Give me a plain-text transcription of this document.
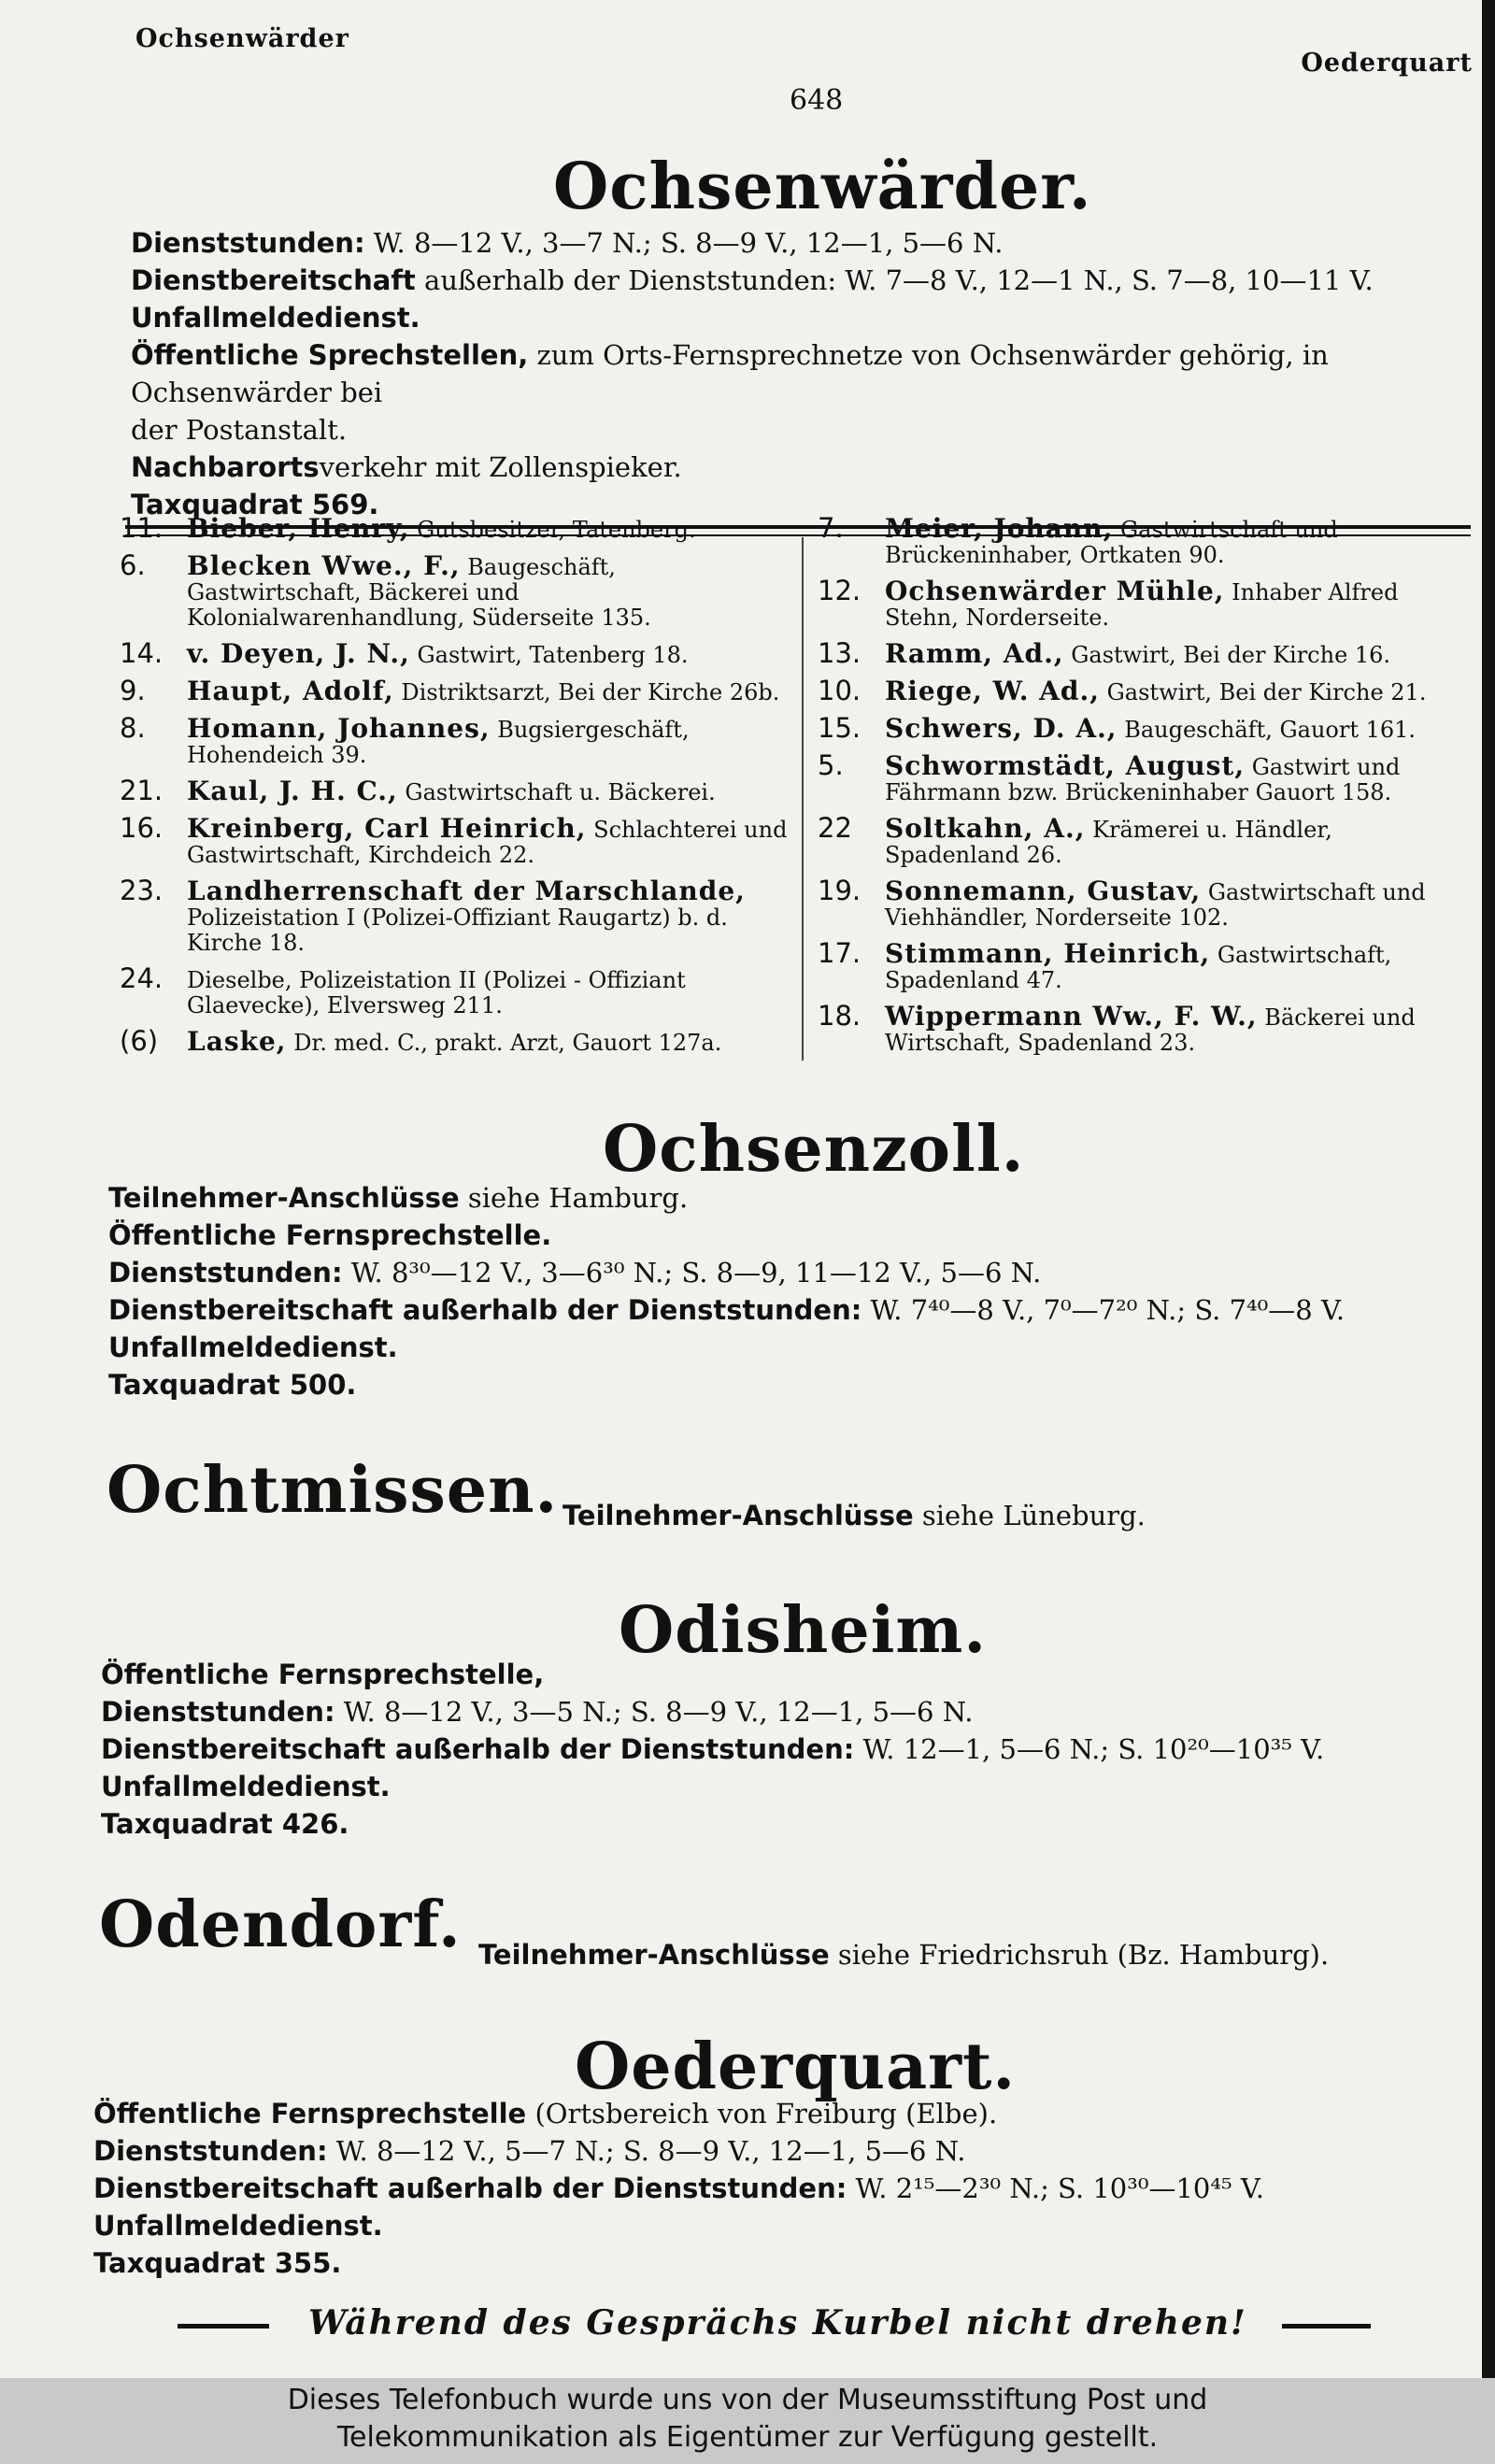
Ochsenwärder
Oederquart
648
Ochsenwärder.
Dienststunden: W. 8—12 V., 3—7 N.; S. 8—9 V., 12—1, 5—6 N.
Dienstbereitschaft außerhalb der Dienststunden: W. 7—8 V., 12—1 N., S. 7—8, 10—11 V.
Unfallmeldedienst.
Öffentliche Sprechstellen, zum Orts-Fernsprechnetze von Ochsenwärder gehörig, in Ochsenwärder bei
der Postanstalt.
Nachbarortsverkehr mit Zollenspieker.
Taxquadrat 569.
11. Bieber, Henry, Gutsbesitzer, Tatenberg.
6.	Blecken Wwe., F., Baugeschäft, Gastwirtschaft, Bäckerei und Kolonialwarenhandlung, Süderseite 135.
14. v. Deyen, J. N., Gastwirt, Tatenberg 18.
9.	Haupt, Adolf, Distriktsarzt, Bei der Kirche 26b.
8.	Homann, Johannes, Bugsiergeschäft, Hohendeich 39.
21. Kaul, J. H. C., Gastwirtschaft u. Bäckerei.
16. Kreinberg, Carl Heinrich, Schlachterei und Gastwirtschaft, Kirchdeich 22.
23. Landherrenschaft der Marschlande, Polizeistation I (Polizei-Offiziant Raugartz) b. d. Kirche 18.
24.	Dieselbe, Polizeistation II (Polizei - Offiziant Glaevecke), Elversweg 211.
(6)	Laske, Dr. med. C., prakt. Arzt, Gauort 127a.
7.	Meier, Johann, Gastwirtschaft und Brückeninhaber, Ortkaten 90.
12. Ochsenwärder Mühle, Inhaber Alfred Stehn, Norderseite.
13. Ramm, Ad., Gastwirt, Bei der Kirche 16.
10. Riege, W. Ad., Gastwirt, Bei der Kirche 21.
15. Schwers, D. A., Baugeschäft, Gauort 161.
5.	Schwormstädt, August, Gastwirt und Fährmann bzw. Brückeninhaber Gauort 158.
22	Soltkahn, A., Krämerei u. Händler, Spadenland 26.
19. Sonnemann, Gustav, Gastwirtschaft und Viehhändler, Norderseite 102.
17. Stimmann, Heinrich, Gastwirtschaft, Spadenland 47.
18. Wippermann Ww., F. W., Bäckerei und Wirtschaft, Spadenland 23.
Ochsenzoll.
Teilnehmer-Anschlüsse siehe Hamburg.
Öffentliche Fernsprechstelle.
Dienststunden: W. 8³⁰—12 V., 3—6³⁰ N.; S. 8—9, 11—12 V., 5—6 N.
Dienstbereitschaft außerhalb der Dienststunden: W. 7⁴⁰—8 V., 7⁰—7²⁰ N.; S. 7⁴⁰—8 V.
Unfallmeldedienst.
Taxquadrat 500.
Ochtmissen. Teilnehmer-Anschlüsse siehe Lüneburg.
Odisheim.
Öffentliche Fernsprechstelle,
Dienststunden: W. 8—12 V., 3—5 N.; S. 8—9 V., 12—1, 5—6 N.
Dienstbereitschaft außerhalb der Dienststunden: W. 12—1, 5—6 N.; S. 10²⁰—10³⁵ V.
Unfallmeldedienst.
Taxquadrat 426.
Odendorf. Teilnehmer-Anschlüsse siehe Friedrichsruh (Bz. Hamburg).
Oederquart.
Öffentliche Fernsprechstelle (Ortsbereich von Freiburg (Elbe).
Dienststunden: W. 8—12 V., 5—7 N.; S. 8—9 V., 12—1, 5—6 N.
Dienstbereitschaft außerhalb der Dienststunden: W. 2¹⁵—2³⁰ N.; S. 10³⁰—10⁴⁵ V.
Unfallmeldedienst.
Taxquadrat 355.
Während des Gesprächs Kurbel nicht drehen!
Dieses Telefonbuch wurde uns von der Museumsstiftung Post und
Telekommunikation als Eigentümer zur Verfügung gestellt.
